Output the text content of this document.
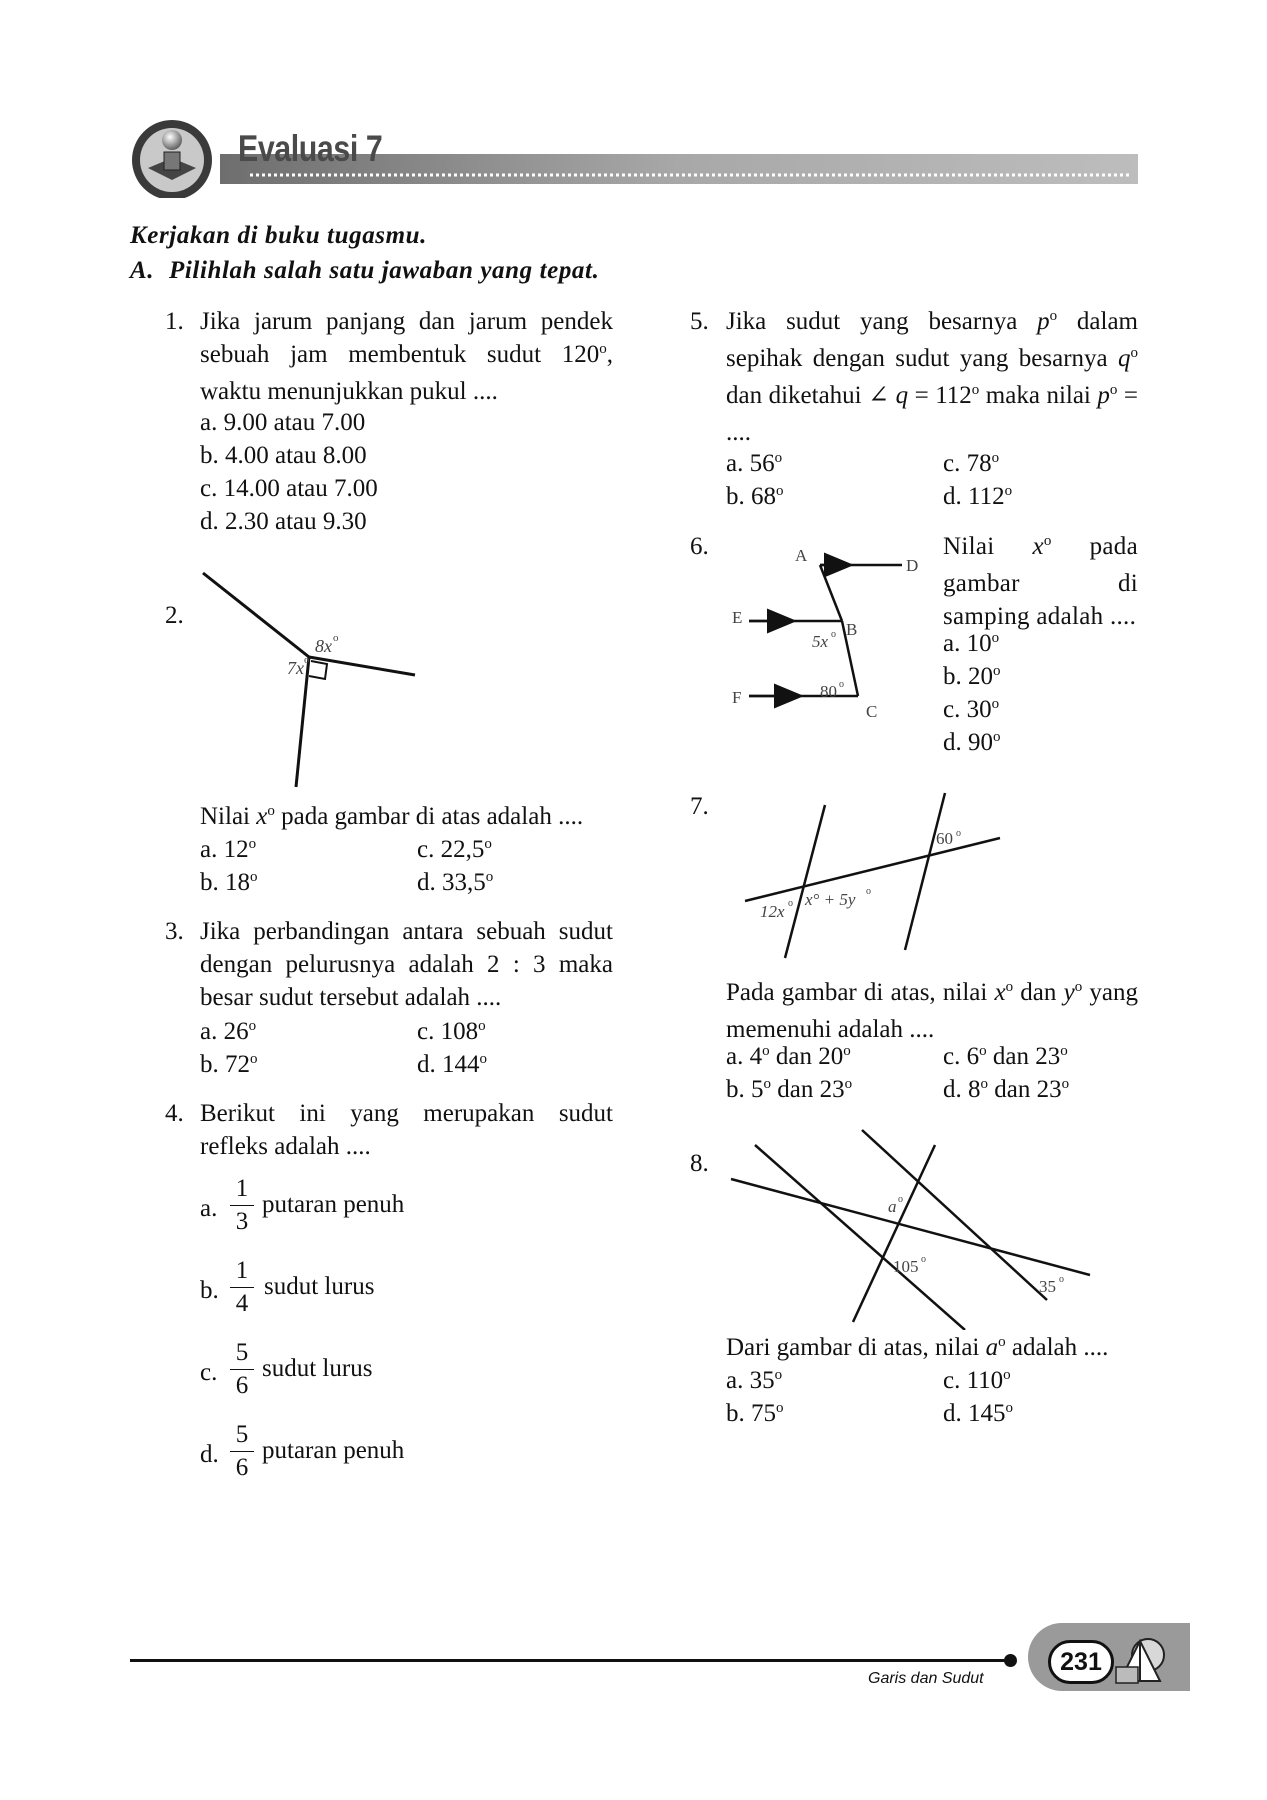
Evaluasi 7
Kerjakan di buku tugasmu.
A. Pilihlah salah satu jawaban yang tepat.
1. Jika jarum panjang dan jarum pendek sebuah jam membentuk sudut 120$^o$, waktu menunjukkan pukul ....
a. 9.00 atau 7.00
b. 4.00 atau 8.00
c. 14.00 atau 7.00
d. 2.30 atau 9.30
2.
8x o
7x o
Nilai $x^o$ pada gambar di atas adalah ....
a. 12$^o$	c. 22,5$^o$
b. 18$^o$	d. 33,5$^o$
3. Jika perbandingan antara sebuah sudut dengan pelurusnya adalah 2 : 3 maka besar sudut tersebut adalah ....
a. 26$^o$	c. 108$^o$
b. 72$^o$	d. 144$^o$
4. Berikut ini yang merupakan sudut refleks adalah ....
a.
1
3
putaran penuh
b.
1
4
sudut lurus
c.
5
6
sudut lurus
d.
5
6
putaran penuh
5. Jika sudut yang besarnya $p^o$ dalam sepihak dengan sudut yang besarnya $q^o$ dan diketahui ∠ $q = 112^o$ maka nilai $p^o$ = ....
a. 56$^o$	c. 78$^o$
b. 68$^o$	d. 112$^o$
6.	A
D
E
B
5x o
F	80 o
C
Nilai $x^o$ pada gambar di samping adalah ....
a. 10$^o$
b. 20$^o$
c. 30$^o$
d. 90$^o$
7.
60 o
12x o x° + 5y o
Pada gambar di atas, nilai $x^o$ dan $y^o$ yang memenuhi adalah ....
a. 4$^o$ dan 20$^o$	c. 6$^o$ dan 23$^o$
b. 5$^o$ dan 23$^o$	d. 8$^o$ dan 23$^o$
8.
a o
105 o
35 o
Dari gambar di atas, nilai $a^o$ adalah ....
a. 35$^o$	c. 110$^o$
b. 75$^o$	d. 145$^o$
231
Garis dan Sudut
